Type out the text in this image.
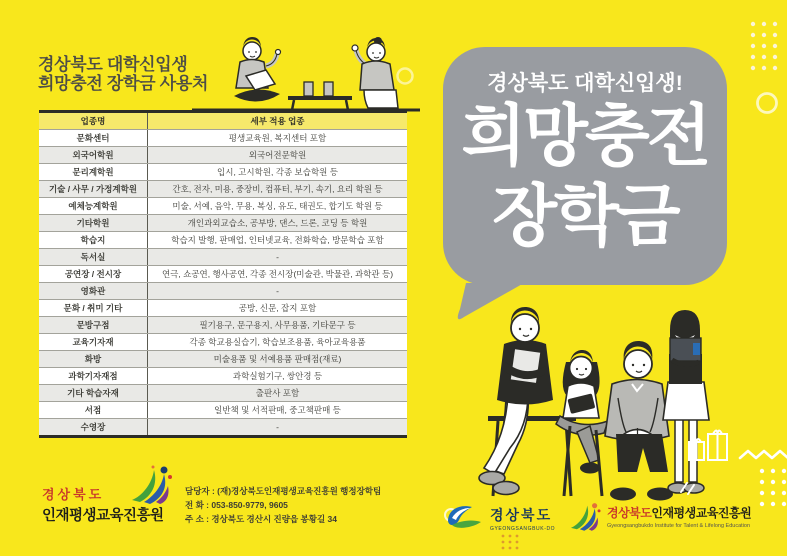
경상북도 대학신입생
희망충전 장학금 사용처
업종명	세부 적용 업종
문화센터	평생교육원, 복지센터 포함
외국어학원	외국어전문학원
문리계학원	입시, 고시학원, 각종 보습학원 등
기술 / 사무 / 가정계학원	간호, 전자, 미용, 중장비, 컴퓨터, 부기, 속기, 요리 학원 등
예체능계학원	미술, 서예, 음악, 무용, 복싱, 유도, 태권도, 합기도 학원 등
기타학원	개인과외교습소, 공부방, 댄스, 드론, 코딩 등 학원
학습지	학습지 발행, 판매업, 인터넷교육, 전화학습, 방문학습 포함
독서실	-
공연장 / 전시장	연극, 쇼공연, 행사공연, 각종 전시장(미술관, 박물관, 과학관 등)
영화관	-
문화 / 취미 기타	공방, 신문, 잡지 포함
문방구점	필기용구, 문구용지, 사무용품, 기타문구 등
교육기자재	각종 학교용실습기, 학습보조용품, 육아교육용품
화방	미술용품 및 서예용품 판매점(재료)
과학기자재점	과학실험기구, 쌍안경 등
기타 학습자재	출판사 포함
서점	일반책 및 서적판매, 중고책판매 등
수영장	-
경상북도
인재평생교육진흥원
담당자 : (재)경상북도인재평생교육진흥원 행정장학팀
전 화 : 053-850-9779, 9605
주 소 : 경상북도 경산시 진량읍 봉황길 34
경상북도 대학신입생!
희망충전
장학금
경상북도
GYEONGSANGBUK-DO
경상북도인재평생교육진흥원
Gyeongsangbukdo Institute for Talent & Lifelong Education
